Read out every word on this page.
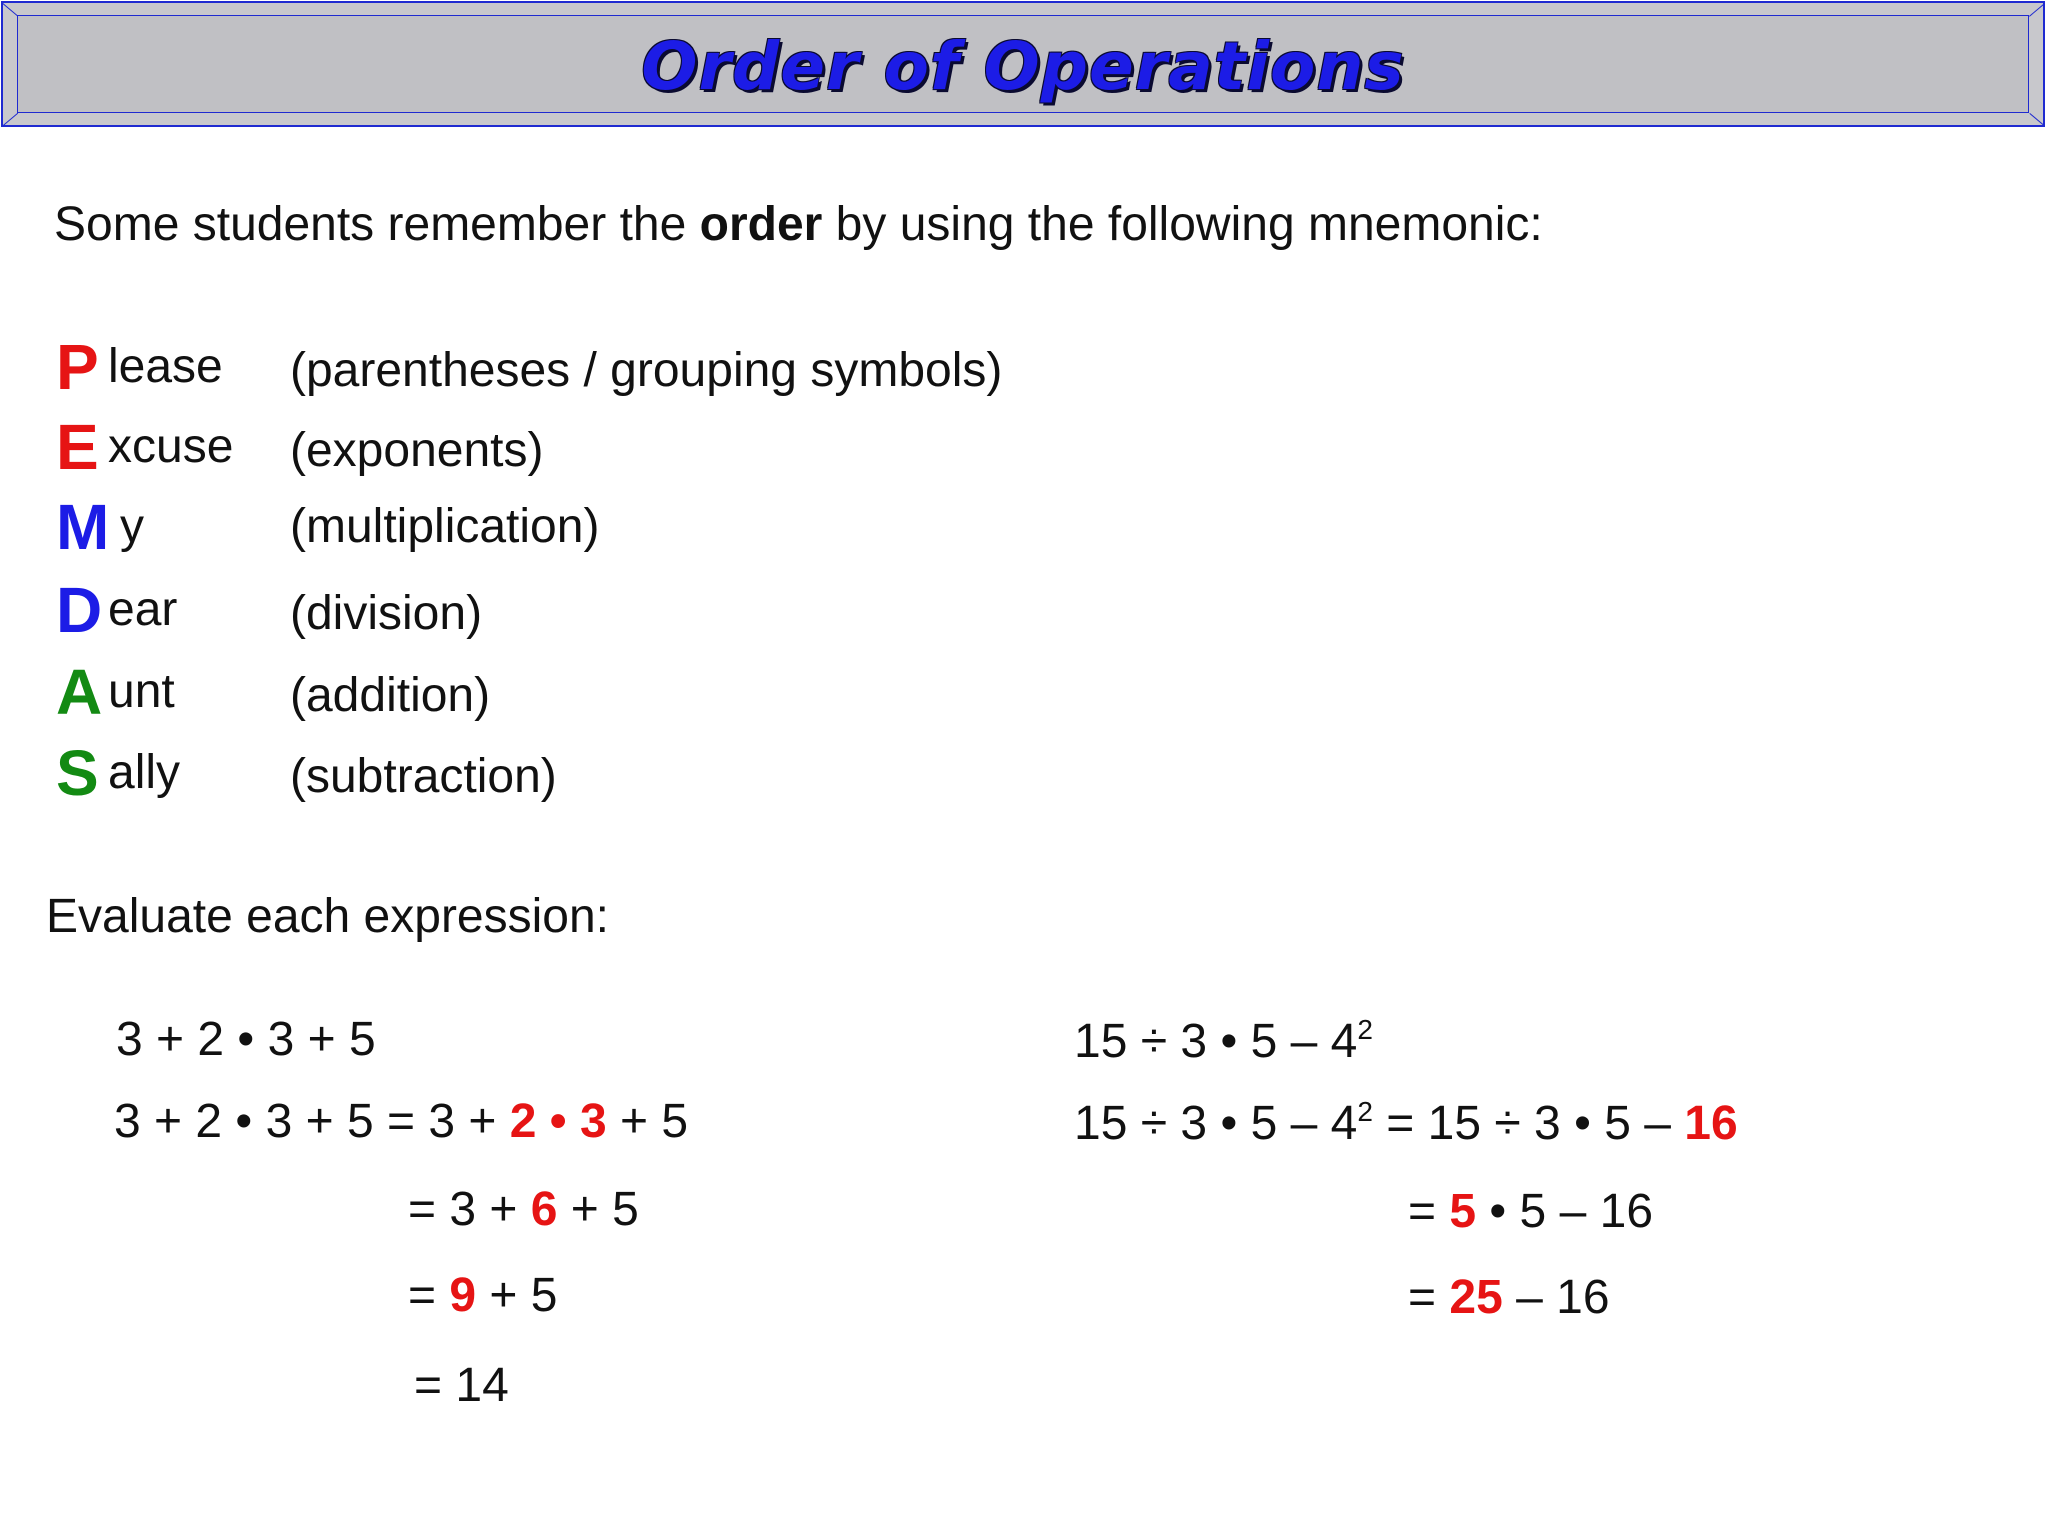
Order of Operations
Some students remember the order by using the following mnemonic:
P lease (parentheses / grouping symbols)
E xcuse (exponents)
M y	(multiplication)
D ear (division)
A unt (addition)
S ally (subtraction)
Evaluate each expression:
3 + 2 • 3 + 5
3 + 2 • 3 + 5 = 3 + 2 • 3 + 5
= 3 + 6 + 5
= 9 + 5
= 14
15 ÷ 3 • $5 - 4^2$
15 ÷ 3 • $5 - 4^2 = 15 \div 3$ • 5 – 16
= 5 • 5 – 16
= 25 – 16
